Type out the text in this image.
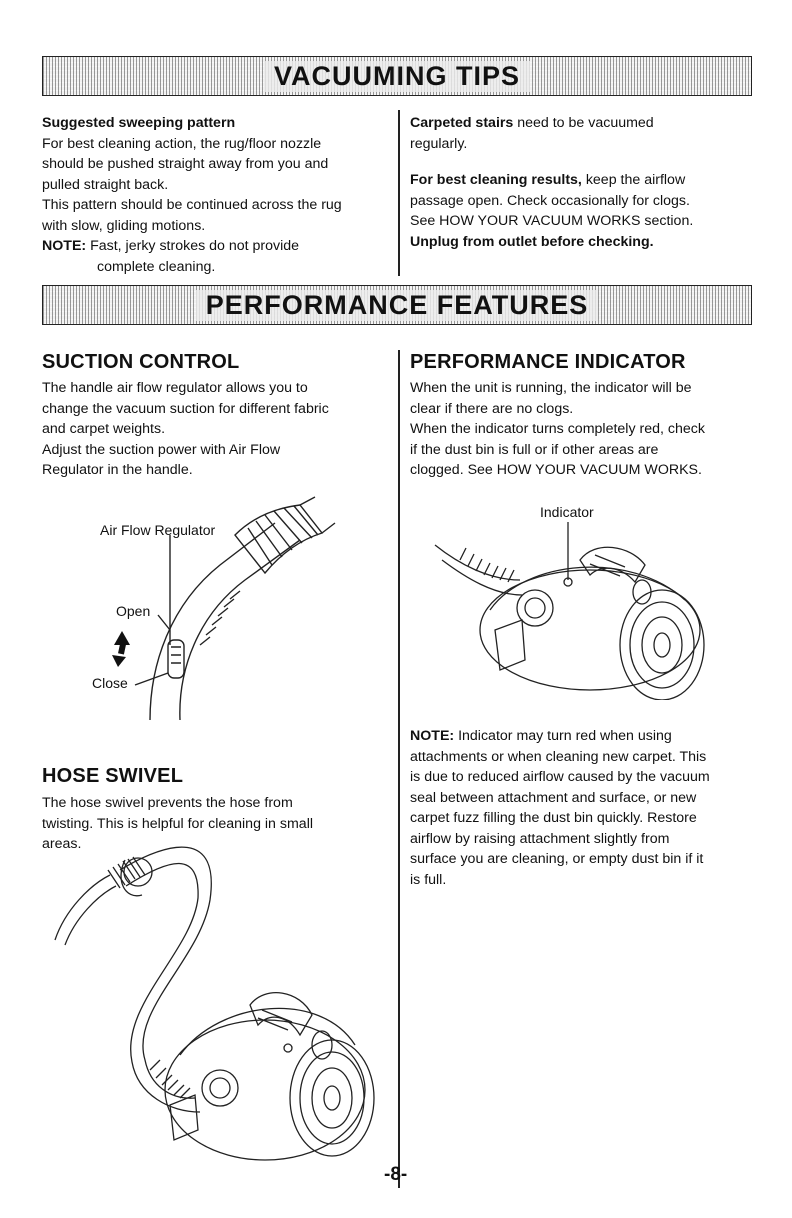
VACUUMING TIPS
PERFORMANCE FEATURES

Suggested sweeping pattern

For best cleaning action, the rug/floor nozzle

should be pushed straight away from you and

pulled straight back.

This pattern should be continued across the rug

with slow, gliding motions.

NOTE: Fast, jerky strokes do not provide

complete cleaning.

Carpeted stairs need to be vacuumed

regularly.

For best cleaning results, keep the airflow

passage open. Check occasionally for clogs.

See HOW YOUR VACUUM WORKS section.

Unplug from outlet before checking.

SUCTION CONTROL

The handle air flow regulator allows you to

change the vacuum suction for different fabric

and carpet weights.

Adjust the suction power with Air Flow

Regulator in the handle.

Air Flow Regulator
Open
Close
HOSE SWIVEL

The hose swivel prevents the hose from

twisting. This is helpful for cleaning in small

areas.

PERFORMANCE INDICATOR

When the unit is running, the indicator will be

clear if there are no clogs.

When the indicator turns completely red, check

if the dust bin is full or if other areas are

clogged. See HOW YOUR VACUUM WORKS.

Indicator

NOTE: Indicator may turn red when using

attachments or when cleaning new carpet. This

is due to reduced airflow caused by the vacuum

seal between attachment and surface, or new

carpet fuzz filling the dust bin quickly. Restore

airflow by raising attachment slightly from

surface you are cleaning, or empty dust bin if it

is full.

-8-
